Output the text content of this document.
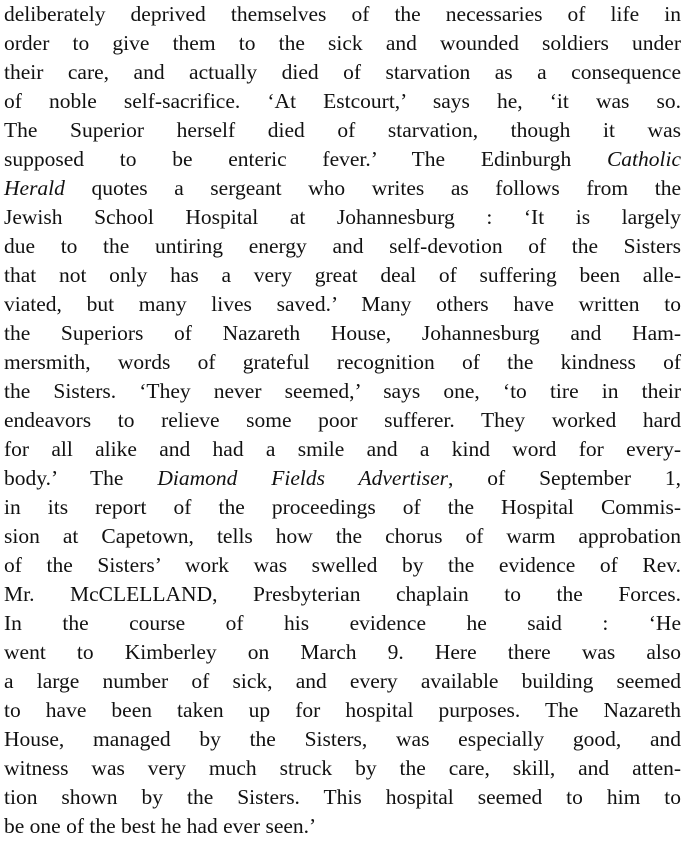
deliberately deprived themselves of the necessaries of life in
order to give them to the sick and wounded soldiers under
their care, and actually died of starvation as a consequence
of noble self-sacrifice. ‘At Estcourt,’ says he, ‘it was so.
The Superior herself died of starvation, though it was
supposed to be enteric fever.’ The Edinburgh Catholic
Herald quotes a sergeant who writes as follows from the
Jewish School Hospital at Johannesburg : ‘It is largely
due to the untiring energy and self-devotion of the Sisters
that not only has a very great deal of suffering been alle-
viated, but many lives saved.’ Many others have written to
the Superiors of Nazareth House, Johannesburg and Ham-
mersmith, words of grateful recognition of the kindness of
the Sisters. ‘They never seemed,’ says one, ‘to tire in their
endeavors to relieve some poor sufferer. They worked hard
for all alike and had a smile and a kind word for every-
body.’ The Diamond Fields Advertiser, of September 1,
in its report of the proceedings of the Hospital Commis-
sion at Capetown, tells how the chorus of warm approbation
of the Sisters’ work was swelled by the evidence of Rev.
Mr. McCLELLAND, Presbyterian chaplain to the Forces.
In the course of his evidence he said : ‘He
went to Kimberley on March 9. Here there was also
a large number of sick, and every available building seemed
to have been taken up for hospital purposes. The Nazareth
House, managed by the Sisters, was especially good, and
witness was very much struck by the care, skill, and atten-
tion shown by the Sisters. This hospital seemed to him to
be one of the best he had ever seen.’
